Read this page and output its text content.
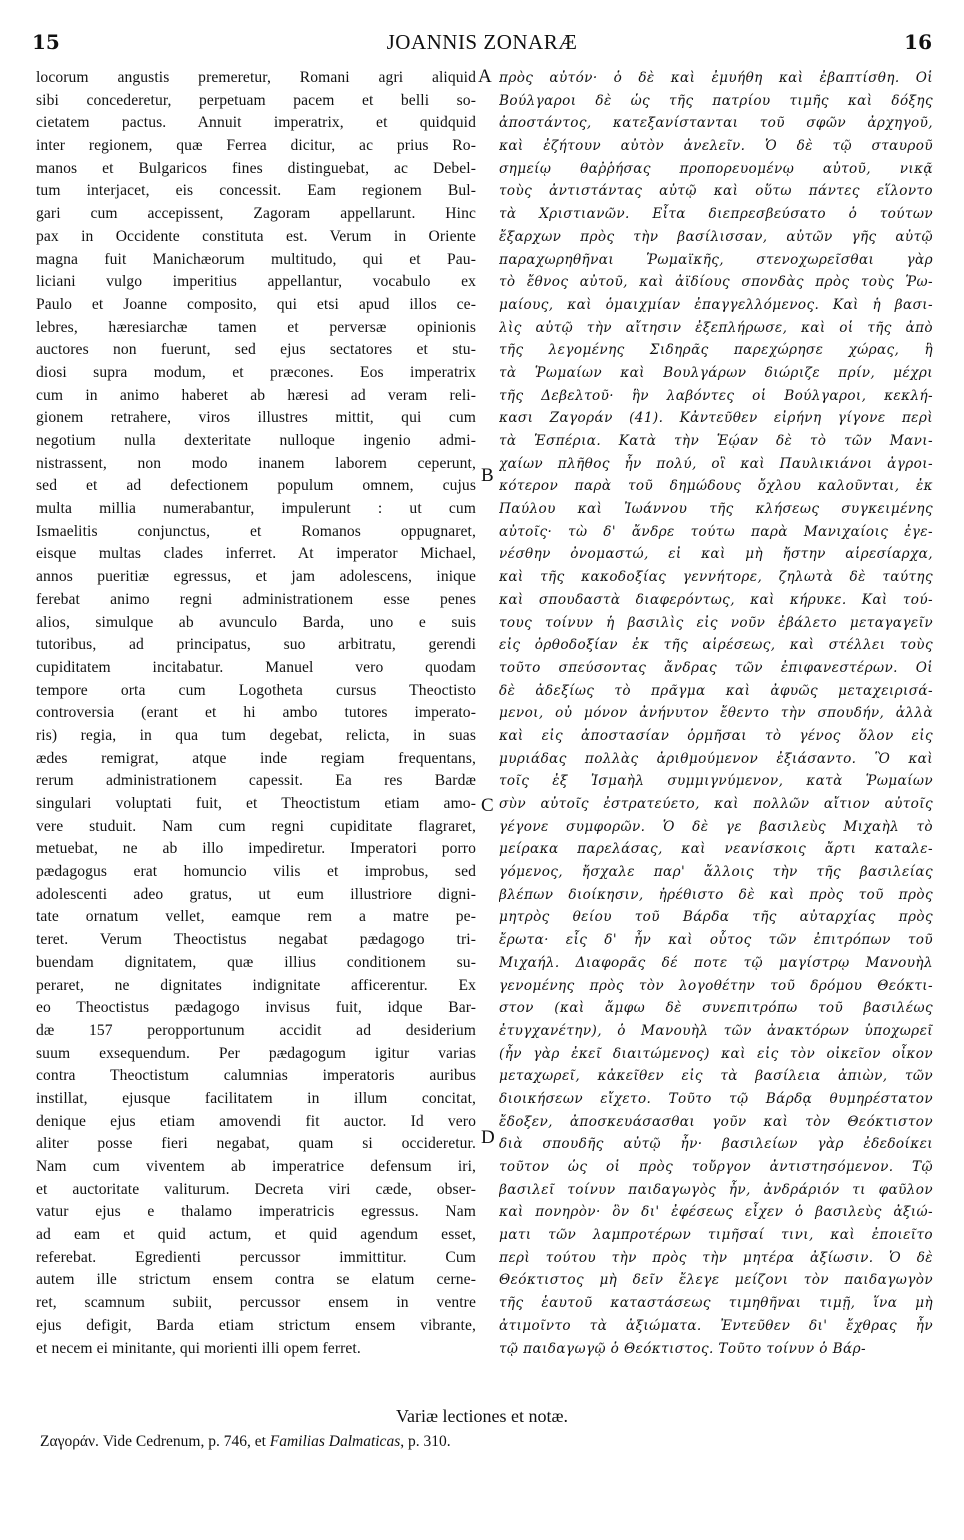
15	JOANNIS ZONARÆ	16
locorum angustis premeretur, Romani agri aliquid
sibi concederetur, perpetuam pacem et belli so-
cietatem pactus. Annuit imperatrix, et quidquid
inter regionem, quæ Ferrea dicitur, ac prius Ro-
manos et Bulgaricos fines distinguebat, ac Debel-
tum interjacet, eis concessit. Eam regionem Bul-
gari cum accepissent, Zagoram appellarunt. Hinc
pax in Occidente constituta est. Verum in Oriente
magna fuit Manichæorum multitudo, qui et Pau-
liciani vulgo imperitius appellantur, vocabulo ex
Paulo et Joanne composito, qui etsi apud illos ce-
lebres, hæresiarchæ tamen et perversæ opinionis
auctores non fuerunt, sed ejus sectatores et stu-
diosi supra modum, et præcones. Eos imperatrix
cum in animo haberet ab hæresi ad veram reli-
gionem retrahere, viros illustres mittit, qui cum
negotium nulla dexteritate nulloque ingenio admi-
nistrassent, non modo inanem laborem ceperunt,
sed et ad defectionem populum omnem, cujus
multa millia numerabantur, impulerunt : ut cum
Ismaelitis conjunctus, et Romanos oppugnaret,
eisque multas clades inferret. At imperator Michael,
annos pueritiæ egressus, et jam adolescens, inique
ferebat animo regni administrationem esse penes
alios, simulque ab avunculo Barda, uno e suis
tutoribus, ad principatus, suo arbitratu, gerendi
cupiditatem incitabatur. Manuel vero quodam
tempore orta cum Logotheta cursus Theoctisto
controversia (erant et hi ambo tutores imperato-
ris) regia, in qua tum degebat, relicta, in suas
ædes remigrat, atque inde regiam frequentans,
rerum administrationem capessit. Ea res Bardæ
singulari voluptati fuit, et Theoctistum etiam amo-
vere studuit. Nam cum regni cupiditate flagraret,
metuebat, ne ab illo impediretur. Imperatori porro
pædagogus erat homuncio vilis et improbus, sed
adolescenti adeo gratus, ut eum illustriore digni-
tate ornatum vellet, eamque rem a matre pe-
teret. Verum Theoctistus negabat pædagogo tri-
buendam dignitatem, quæ illius conditionem su-
peraret, ne dignitates indignitate afficerentur. Ex
eo Theoctistus pædagogo invisus fuit, idque Bar-
dæ 157 peropportunum accidit ad desiderium
suum exsequendum. Per pædagogum igitur varias
contra Theoctistum calumnias imperatoris auribus
instillat, ejusque facilitatem in illum concitat,
denique ejus etiam amovendi fit auctor. Id vero
aliter posse fieri negabat, quam si occideretur.
Nam cum viventem ab imperatrice defensum iri,
et auctoritate valiturum. Decreta viri cæde, obser-
vatur ejus e thalamo imperatricis egressus. Nam
ad eam et quid actum, et quid agendum esset,
referebat. Egredienti percussor immittitur. Cum
autem ille strictum ensem contra se elatum cerne-
ret, scamnum subiit, percussor ensem in ventre
ejus defigit, Barda etiam strictum ensem vibrante,
et necem ei minitante, qui morienti illi opem ferret.
πρὸς αὐτόν· ὁ δὲ καὶ ἐμυήθη καὶ ἐβαπτίσθη. Οἱ
Βούλγαροι δὲ ὡς τῆς πατρίου τιμῆς καὶ δόξης
ἀποστάντος, κατεξανίστανται τοῦ σφῶν ἀρχηγοῦ,
καὶ ἐζήτουν αὐτὸν ἀνελεῖν. Ὁ δὲ τῷ σταυροῦ
σημείῳ θαῤῥήσας προπορευομένῳ αὐτοῦ, νικᾷ
τοὺς ἀντιστάντας αὐτῷ καὶ οὕτω πάντες εἵλοντο
τὰ Χριστιανῶν. Εἶτα διεπρεσβεύσατο ὁ τούτων
ἔξαρχων πρὸς τὴν βασίλισσαν, αὐτῶν γῆς αὐτῷ
παραχωρηθῆναι Ῥωμαϊκῆς, στενοχωρεῖσθαι γὰρ
τὸ ἔθνος αὐτοῦ, καὶ ἀϊδίους σπονδὰς πρὸς τοὺς Ῥω-
μαίους, καὶ ὁμαιχμίαν ἐπαγγελλόμενος. Καὶ ἡ βασι-
λὶς αὐτῷ τὴν αἴτησιν ἐξεπλήρωσε, καὶ οἱ τῆς ἀπὸ
τῆς λεγομένης Σιδηρᾶς παρεχώρησε χώρας, ἣ
τὰ Ῥωμαίων καὶ Βουλγάρων διώριζε πρίν, μέχρι
τῆς Δεβελτοῦ· ἣν λαβόντες οἱ Βούλγαροι, κεκλή-
κασι Ζαγοράν (41). Κἀντεῦθεν εἰρήνη γίγονε περὶ
τὰ Ἑσπέρια. Κατὰ τὴν Ἑῴαν δὲ τὸ τῶν Μανι-
χαίων πλῆθος ἦν πολύ, οἳ καὶ Παυλικιάνοι ἀγροι-
κότερον παρὰ τοῦ δημώδους ὄχλου καλοῦνται, ἐκ
Παύλου καὶ Ἰωάννου τῆς κλήσεως συγκειμένης
αὐτοῖς· τὼ δ' ἄνδρε τούτω παρὰ Μανιχαίοις ἐγε-
νέσθην ὀνομαστώ, εἰ καὶ μὴ ἤστην αἱρεσίαρχα,
καὶ τῆς κακοδοξίας γεννήτορε, ζηλωτὰ δὲ ταύτης
καὶ σπουδαστὰ διαφερόντως, καὶ κήρυκε. Καὶ τού-
τους τοίνυν ἡ βασιλὶς εἰς νοῦν ἐβάλετο μεταγαγεῖν
εἰς ὀρθοδοξίαν ἐκ τῆς αἱρέσεως, καὶ στέλλει τοὺς
τοῦτο σπεύσοντας ἄνδρας τῶν ἐπιφανεστέρων. Οἱ
δὲ ἀδεξίως τὸ πρᾶγμα καὶ ἀφυῶς μεταχειρισά-
μενοι, οὐ μόνον ἀνήνυτον ἔθεντο τὴν σπουδήν, ἀλλὰ
καὶ εἰς ἀποστασίαν ὁρμῆσαι τὸ γένος ὅλον εἰς
μυριάδας πολλὰς ἀριθμούμενον ἐξιάσαντο. Ὃ καὶ
τοῖς ἐξ Ἰσμαὴλ συμμιγνύμενον, κατὰ Ῥωμαίων
σὺν αὐτοῖς ἐστρατεύετο, καὶ πολλῶν αἴτιον αὐτοῖς
γέγονε συμφορῶν. Ὁ δὲ γε βασιλεὺς Μιχαὴλ τὸ
μείρακα παρελάσας, καὶ νεανίσκοις ἄρτι καταλε-
γόμενος, ἤσχαλε παρ' ἄλλοις τὴν τῆς βασιλείας
βλέπων διοίκησιν, ἠρέθιστο δὲ καὶ πρὸς τοῦ πρὸς
μητρὸς θείου τοῦ Βάρδα τῆς αὐταρχίας πρὸς
ἔρωτα· εἷς δ' ἦν καὶ οὗτος τῶν ἐπιτρόπων τοῦ
Μιχαήλ. Διαφορᾶς δέ ποτε τῷ μαγίστρῳ Μανουὴλ
γενομένης πρὸς τὸν λογοθέτην τοῦ δρόμου Θεόκτι-
στον (καὶ ἄμφω δὲ συνεπιτρόπω τοῦ βασιλέως
ἐτυγχανέτην), ὁ Μανουὴλ τῶν ἀνακτόρων ὑποχωρεῖ
(ἦν γὰρ ἐκεῖ διαιτώμενος) καὶ εἰς τὸν οἰκεῖον οἶκον
μεταχωρεῖ, κἀκεῖθεν εἰς τὰ βασίλεια ἀπιὼν, τῶν
διοικήσεων εἴχετο. Τοῦτο τῷ Βάρδᾳ θυμηρέστατον
ἔδοξεν, ἀποσκευάσασθαι γοῦν καὶ τὸν Θεόκτιστον
διὰ σπουδῆς αὐτῷ ἦν· βασιλείων γὰρ ἐδεδοίκει
τοῦτον ὡς οἱ πρὸς τοὔργον ἀντιστησόμενον. Τῷ
βασιλεῖ τοίνυν παιδαγωγὸς ἦν, ἀνδράριόν τι φαῦλον
καὶ πονηρὸν· ὃν δι' ἐφέσεως εἶχεν ὁ βασιλεὺς ἀξιώ-
ματι τῶν λαμπροτέρων τιμῆσαί τινι, καὶ ἐποιεῖτο
περὶ τούτου τὴν πρὸς τὴν μητέρα ἀξίωσιν. Ὁ δὲ
Θεόκτιστος μὴ δεῖν ἔλεγε μείζονι τὸν παιδαγωγὸν
τῆς ἑαυτοῦ καταστάσεως τιμηθῆναι τιμῇ, ἵνα μὴ
ἀτιμοῖντο τὰ ἀξιώματα. Ἐντεῦθεν δι' ἔχθρας ἦν
τῷ παιδαγωγῷ ὁ Θεόκτιστος. Τοῦτο τοίνυν ὁ Βάρ-
A
B
C
D
Variæ lectiones et notæ.
Ζαγοράν. Vide Cedrenum, p. 746, et Familias Dalmaticas, p. 310.
